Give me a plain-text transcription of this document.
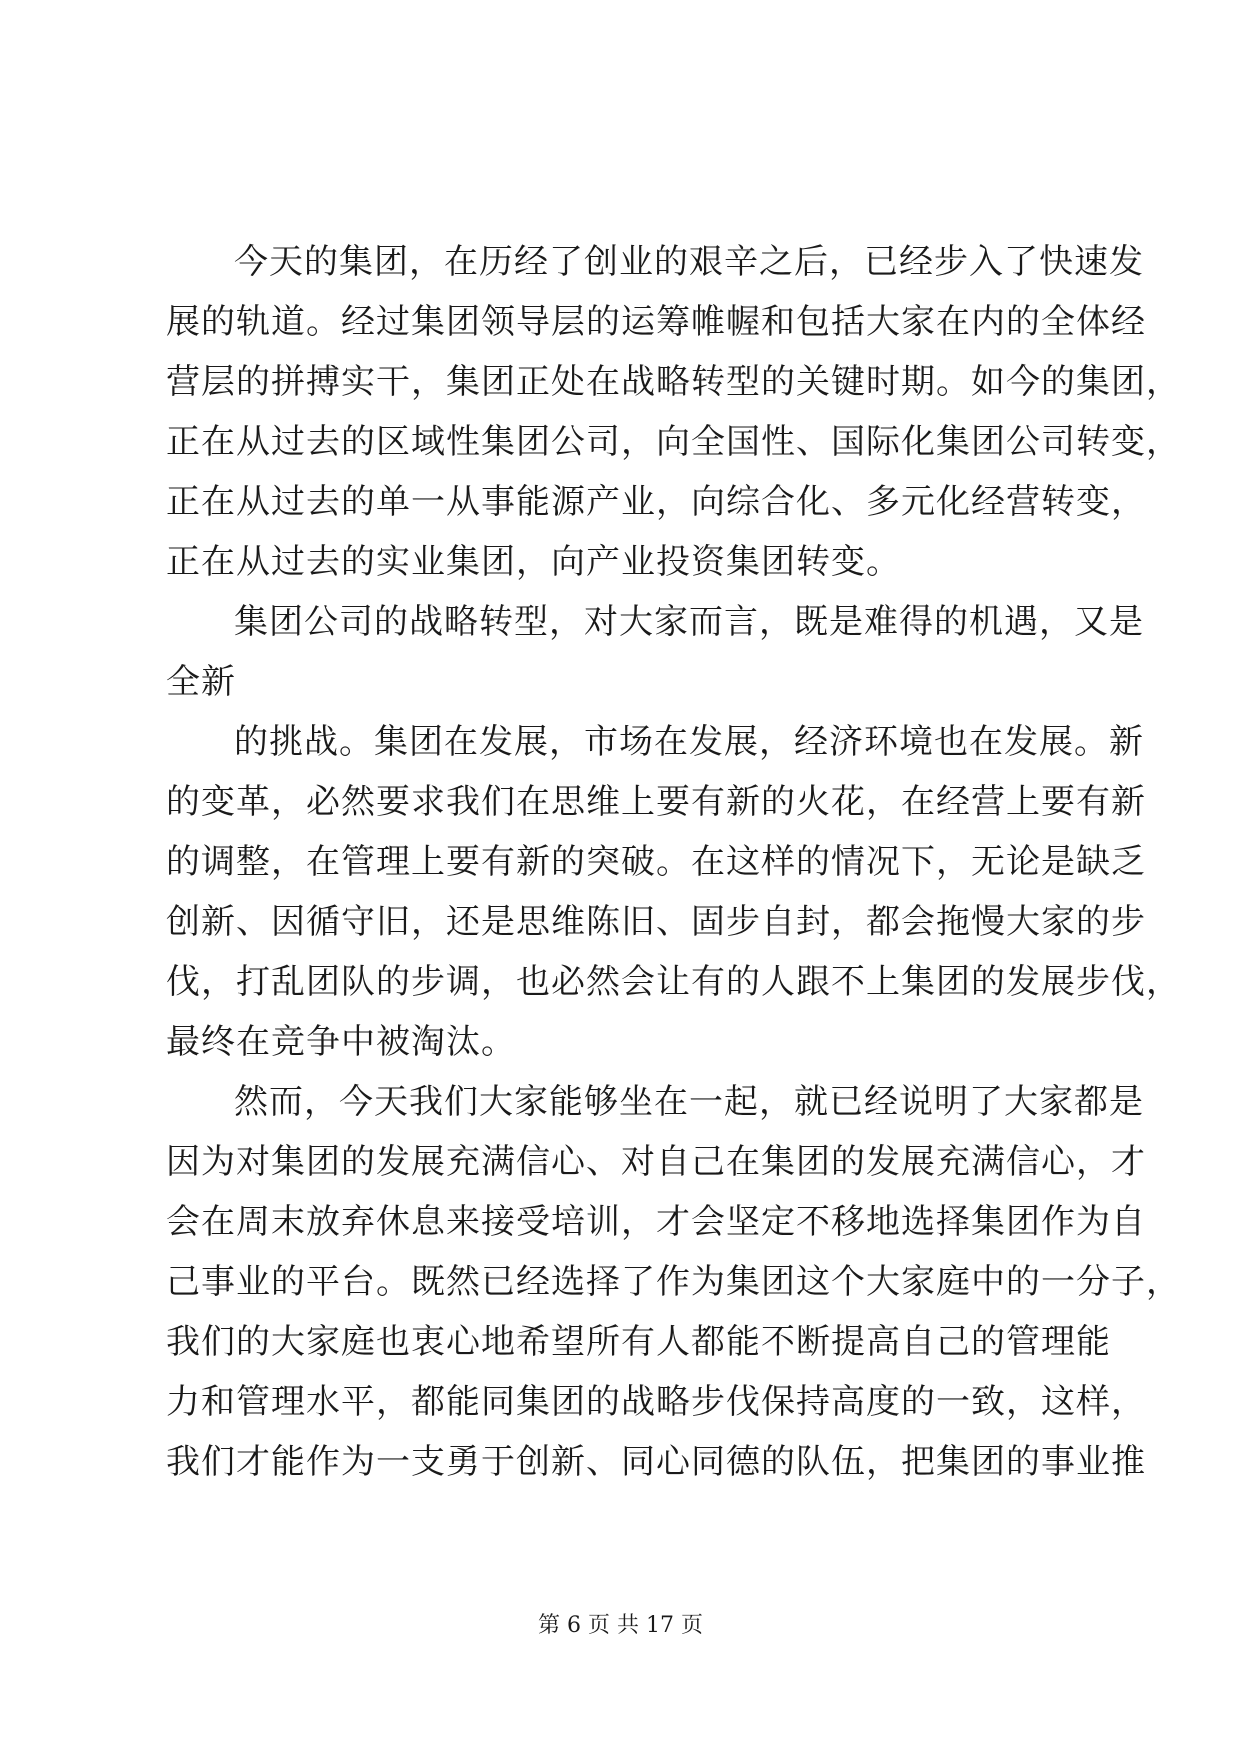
今天的集团，在历经了创业的艰辛之后，已经步入了快速发
展的轨道。经过集团领导层的运筹帷幄和包括大家在内的全体经
营层的拼搏实干，集团正处在战略转型的关键时期。如今的集团，
正在从过去的区域性集团公司，向全国性、国际化集团公司转变，
正在从过去的单一从事能源产业，向综合化、多元化经营转变，
正在从过去的实业集团，向产业投资集团转变。
集团公司的战略转型，对大家而言，既是难得的机遇，又是
全新
的挑战。集团在发展，市场在发展，经济环境也在发展。新
的变革，必然要求我们在思维上要有新的火花，在经营上要有新
的调整，在管理上要有新的突破。在这样的情况下，无论是缺乏
创新、因循守旧，还是思维陈旧、固步自封，都会拖慢大家的步
伐，打乱团队的步调，也必然会让有的人跟不上集团的发展步伐，
最终在竞争中被淘汰。
然而，今天我们大家能够坐在一起，就已经说明了大家都是
因为对集团的发展充满信心、对自己在集团的发展充满信心，才
会在周末放弃休息来接受培训，才会坚定不移地选择集团作为自
己事业的平台。既然已经选择了作为集团这个大家庭中的一分子，
我们的大家庭也衷心地希望所有人都能不断提高自己的管理能
力和管理水平，都能同集团的战略步伐保持高度的一致，这样，
我们才能作为一支勇于创新、同心同德的队伍，把集团的事业推
第 6 页 共 17 页
